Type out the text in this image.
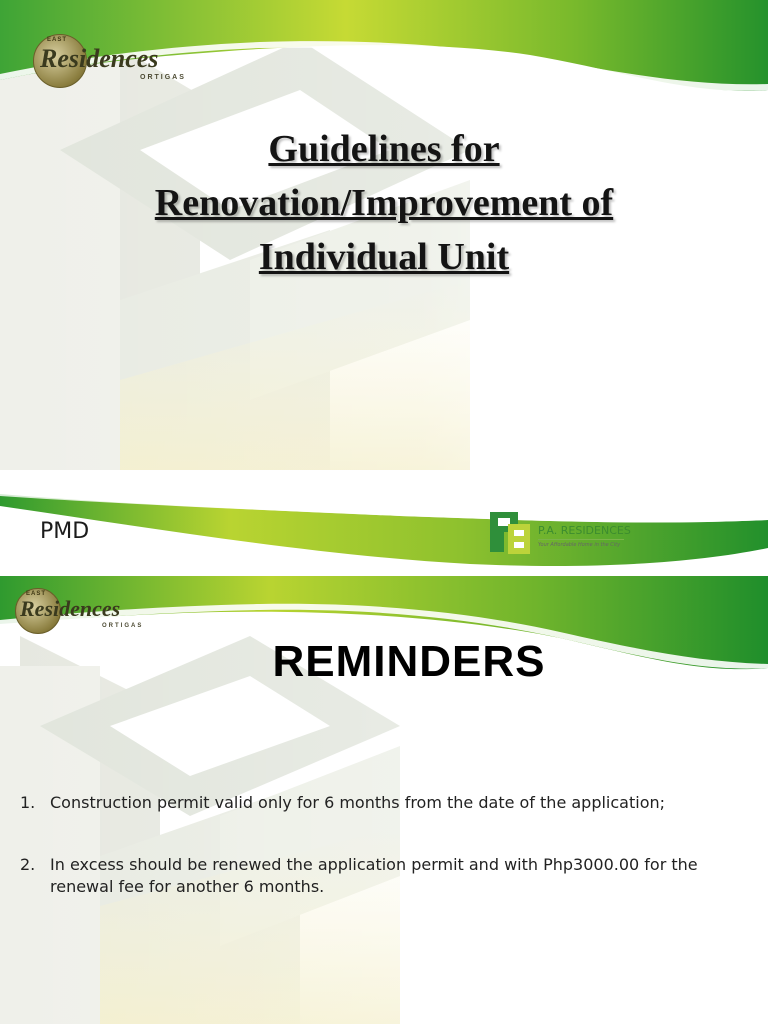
EAST
Residences
ORTIGAS
Guidelines for
Renovation/Improvement of
Individual Unit
PMD	P.A. RESIDENCES
Your Affordable Home in the City
EAST
Residences
ORTIGAS
REMINDERS
1. Construction permit valid only for 6 months from the date of the application;
2. In excess should be renewed the application permit and with Php3000.00 for the renewal fee for another 6 months.
